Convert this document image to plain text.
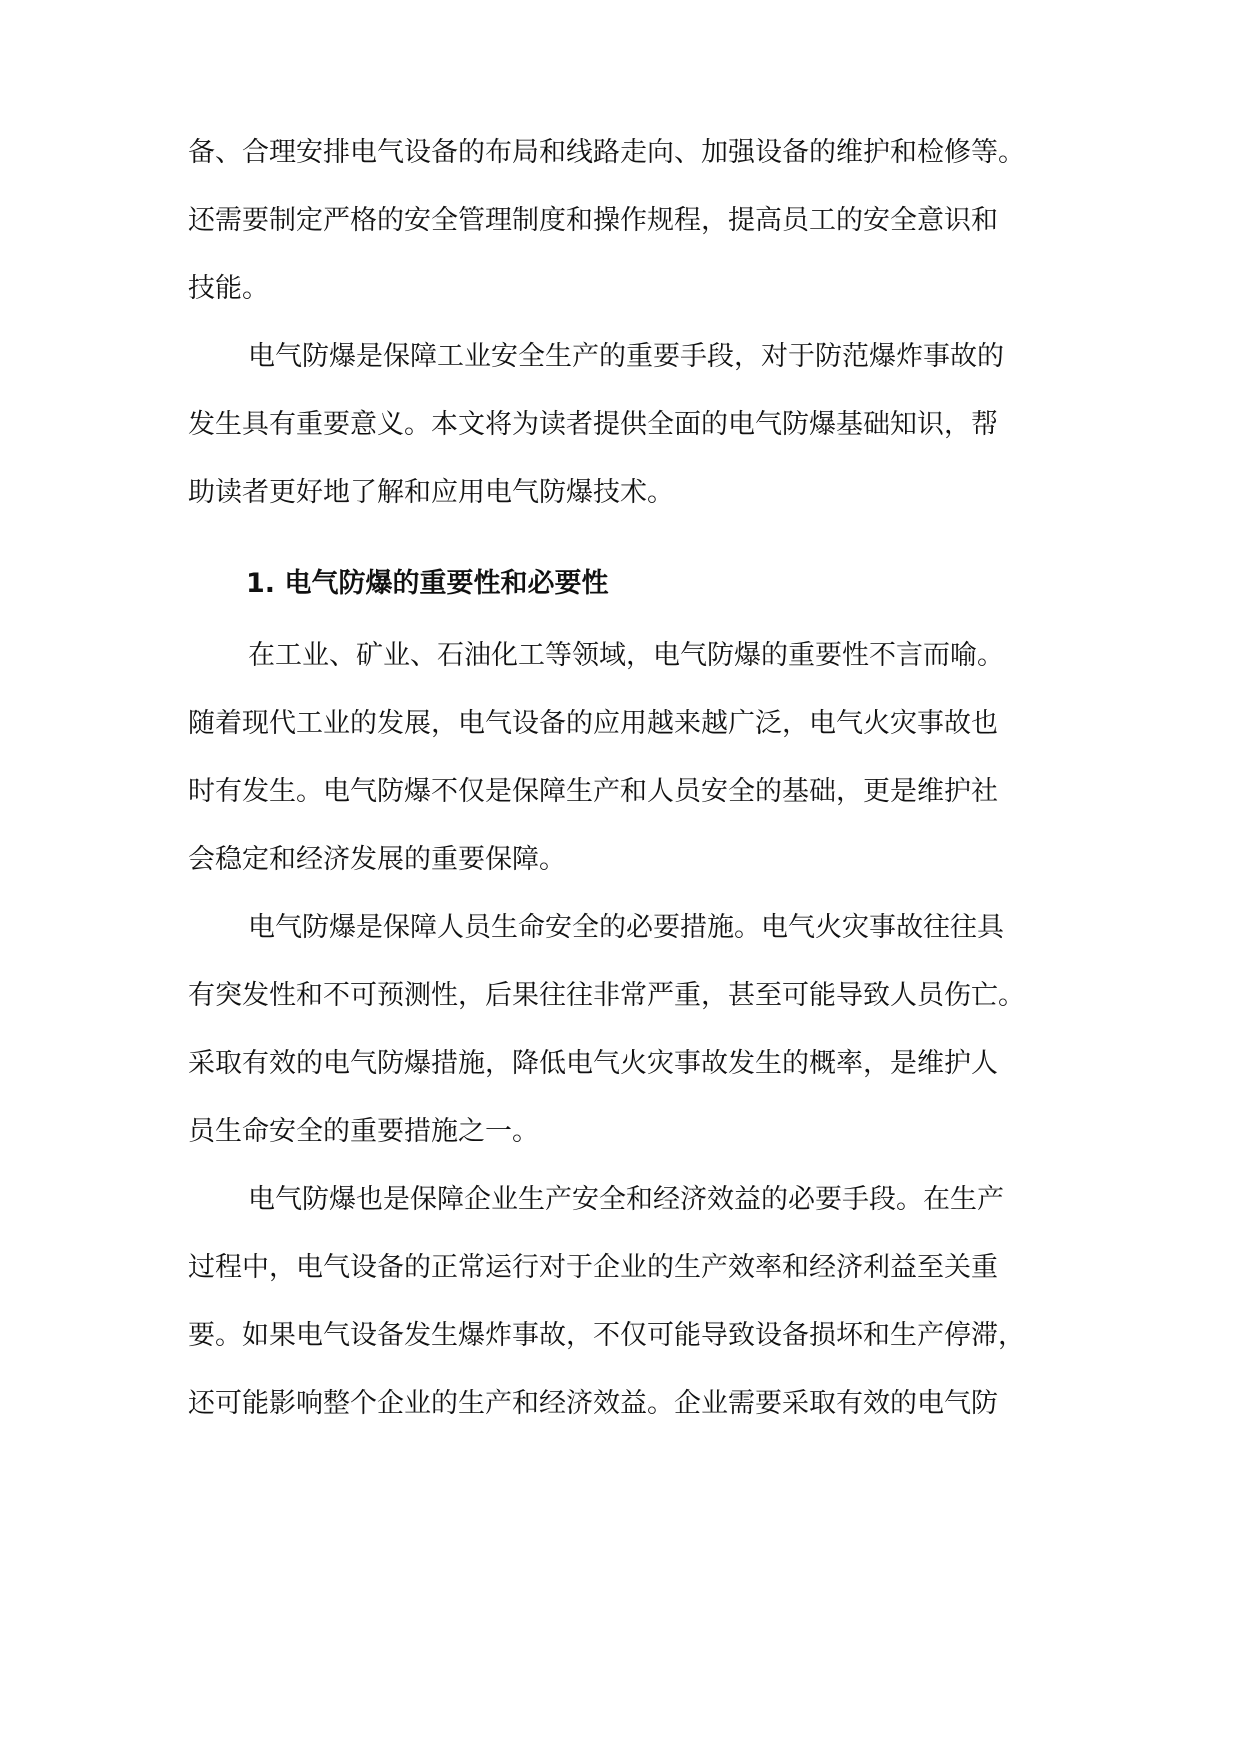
备、合理安排电气设备的布局和线路走向、加强设备的维护和检修等。
还需要制定严格的安全管理制度和操作规程，提高员工的安全意识和
技能。
电气防爆是保障工业安全生产的重要手段，对于防范爆炸事故的
发生具有重要意义。本文将为读者提供全面的电气防爆基础知识，帮
助读者更好地了解和应用电气防爆技术。
1. 电气防爆的重要性和必要性
在工业、矿业、石油化工等领域，电气防爆的重要性不言而喻。
随着现代工业的发展，电气设备的应用越来越广泛，电气火灾事故也
时有发生。电气防爆不仅是保障生产和人员安全的基础，更是维护社
会稳定和经济发展的重要保障。
电气防爆是保障人员生命安全的必要措施。电气火灾事故往往具
有突发性和不可预测性，后果往往非常严重，甚至可能导致人员伤亡。
采取有效的电气防爆措施，降低电气火灾事故发生的概率，是维护人
员生命安全的重要措施之一。
电气防爆也是保障企业生产安全和经济效益的必要手段。在生产
过程中，电气设备的正常运行对于企业的生产效率和经济利益至关重
要。如果电气设备发生爆炸事故，不仅可能导致设备损坏和生产停滞，
还可能影响整个企业的生产和经济效益。企业需要采取有效的电气防
